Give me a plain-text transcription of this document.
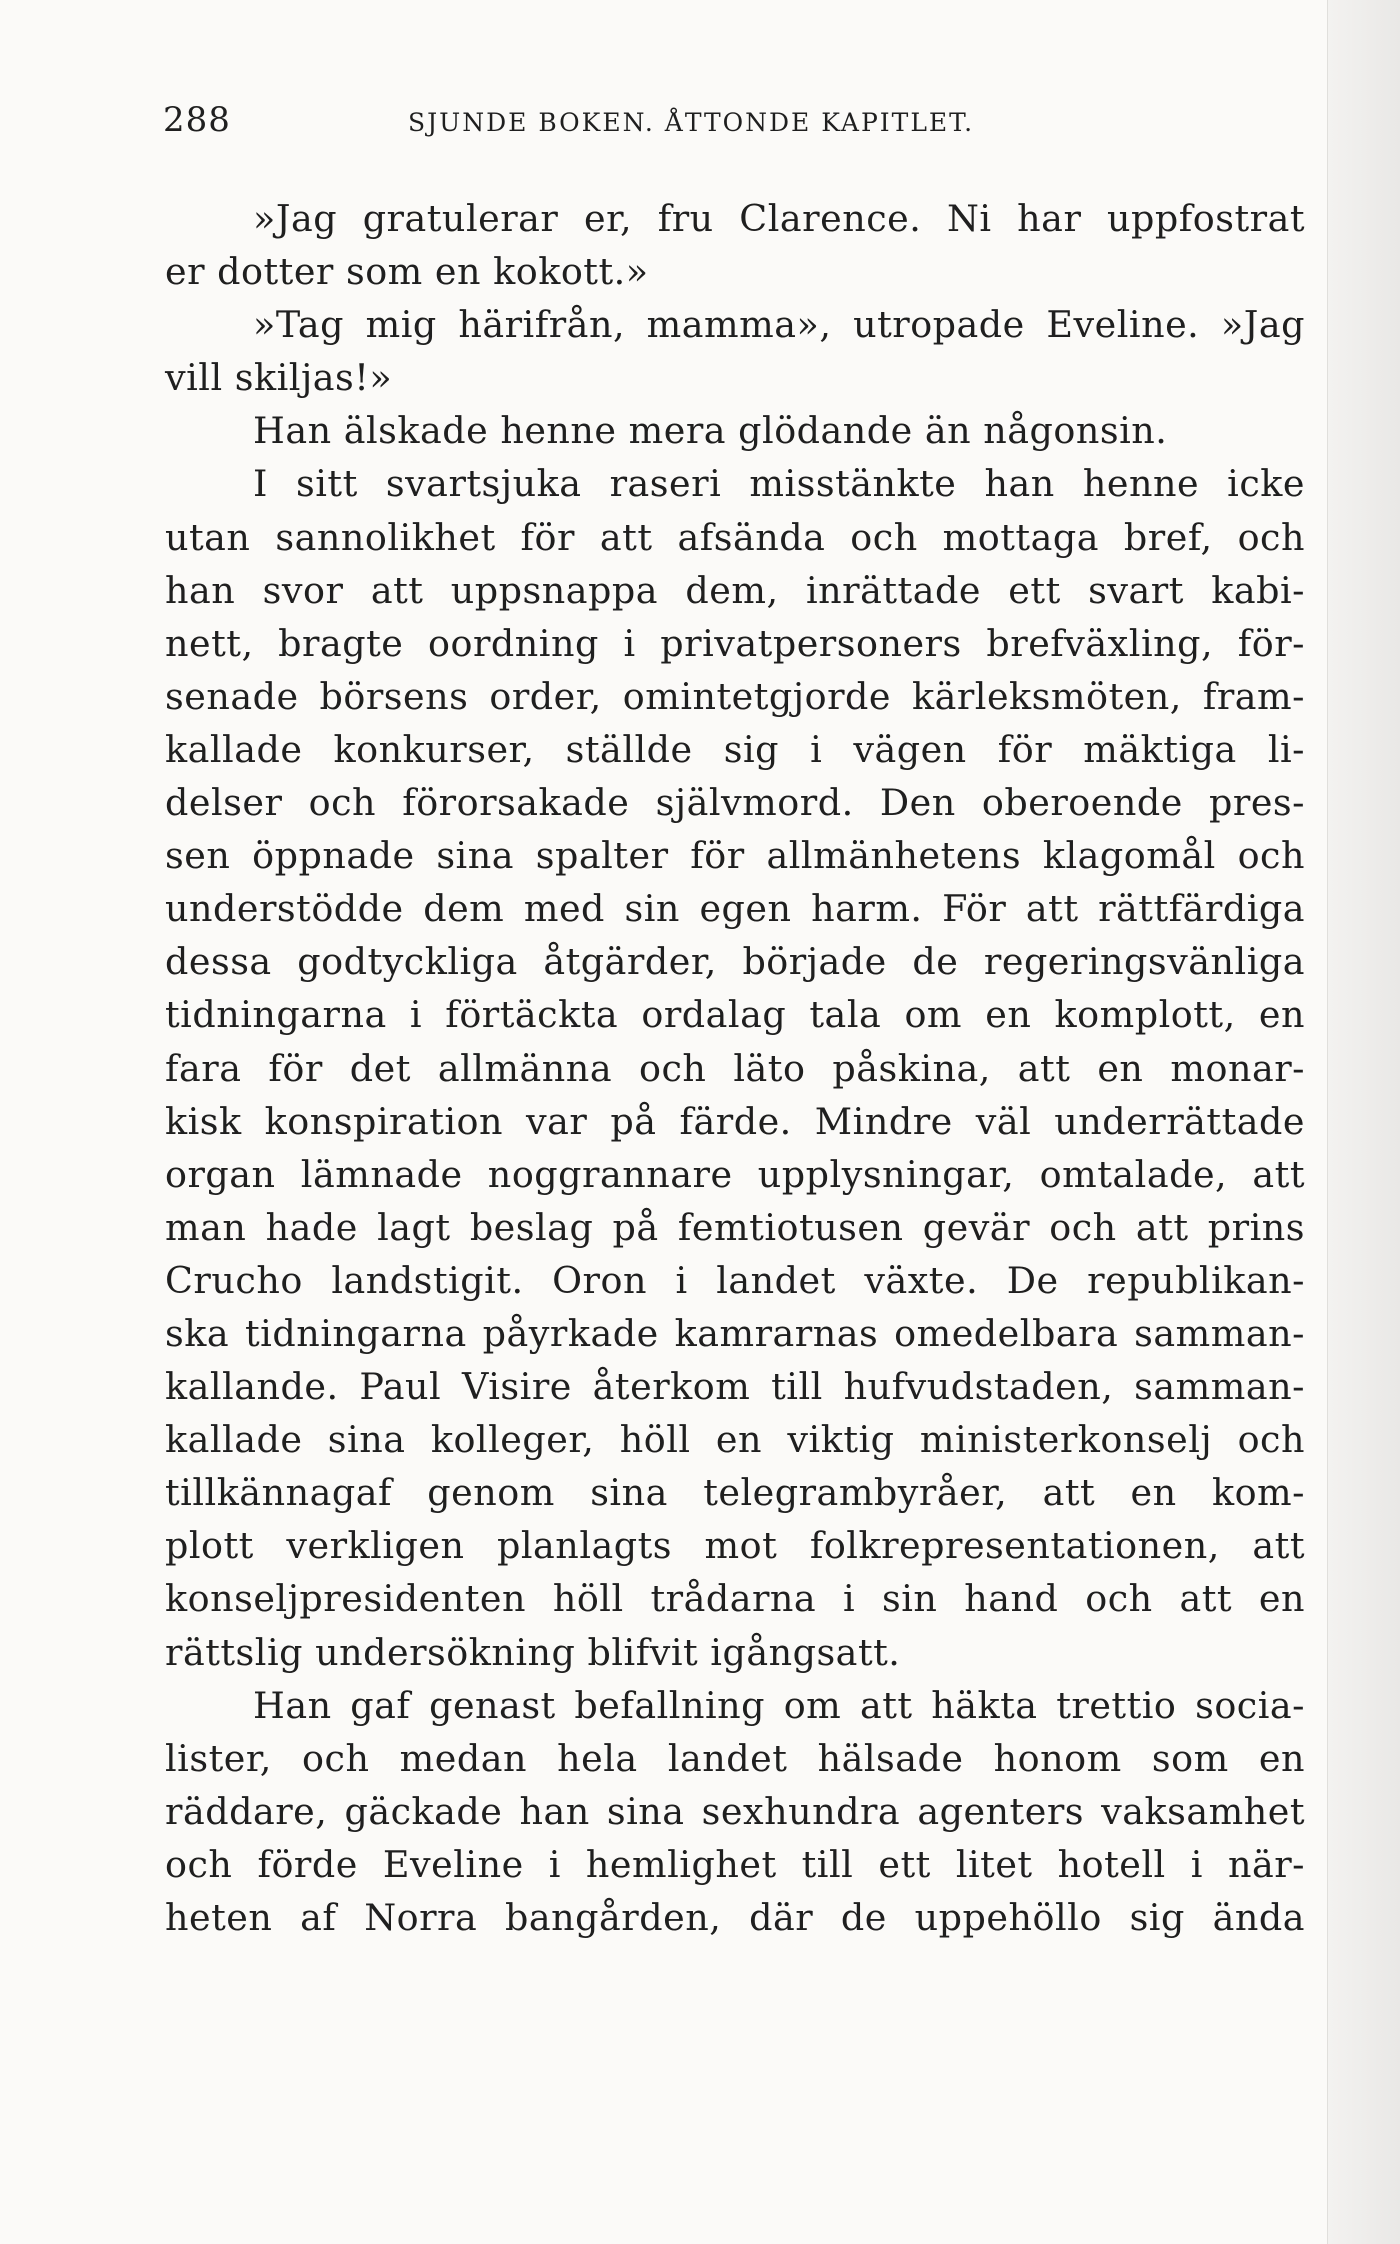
288	SJUNDE BOKEN. ÅTTONDE KAPITLET.
»Jag gratulerar er, fru Clarence. Ni har uppfostrat
er dotter som en kokott.»
»Tag mig härifrån, mamma», utropade Eveline. »Jag
vill skiljas!»
Han älskade henne mera glödande än någonsin.
I sitt svartsjuka raseri misstänkte han henne icke
utan sannolikhet för att afsända och mottaga bref, och
han svor att uppsnappa dem, inrättade ett svart kabi-
nett, bragte oordning i privatpersoners brefväxling, för-
senade börsens order, omintetgjorde kärleksmöten, fram-
kallade konkurser, ställde sig i vägen för mäktiga li-
delser och förorsakade självmord. Den oberoende pres-
sen öppnade sina spalter för allmänhetens klagomål och
understödde dem med sin egen harm. För att rättfärdiga
dessa godtyckliga åtgärder, började de regeringsvänliga
tidningarna i förtäckta ordalag tala om en komplott, en
fara för det allmänna och läto påskina, att en monar-
kisk konspiration var på färde. Mindre väl underrättade
organ lämnade noggrannare upplysningar, omtalade, att
man hade lagt beslag på femtiotusen gevär och att prins
Crucho landstigit. Oron i landet växte. De republikan-
ska tidningarna påyrkade kamrarnas omedelbara samman-
kallande. Paul Visire återkom till hufvudstaden, samman-
kallade sina kolleger, höll en viktig ministerkonselj och
tillkännagaf genom sina telegrambyråer, att en kom-
plott verkligen planlagts mot folkrepresentationen, att
konseljpresidenten höll trådarna i sin hand och att en
rättslig undersökning blifvit igångsatt.
Han gaf genast befallning om att häkta trettio socia-
lister, och medan hela landet hälsade honom som en
räddare, gäckade han sina sexhundra agenters vaksamhet
och förde Eveline i hemlighet till ett litet hotell i när-
heten af Norra bangården, där de uppehöllo sig ända
